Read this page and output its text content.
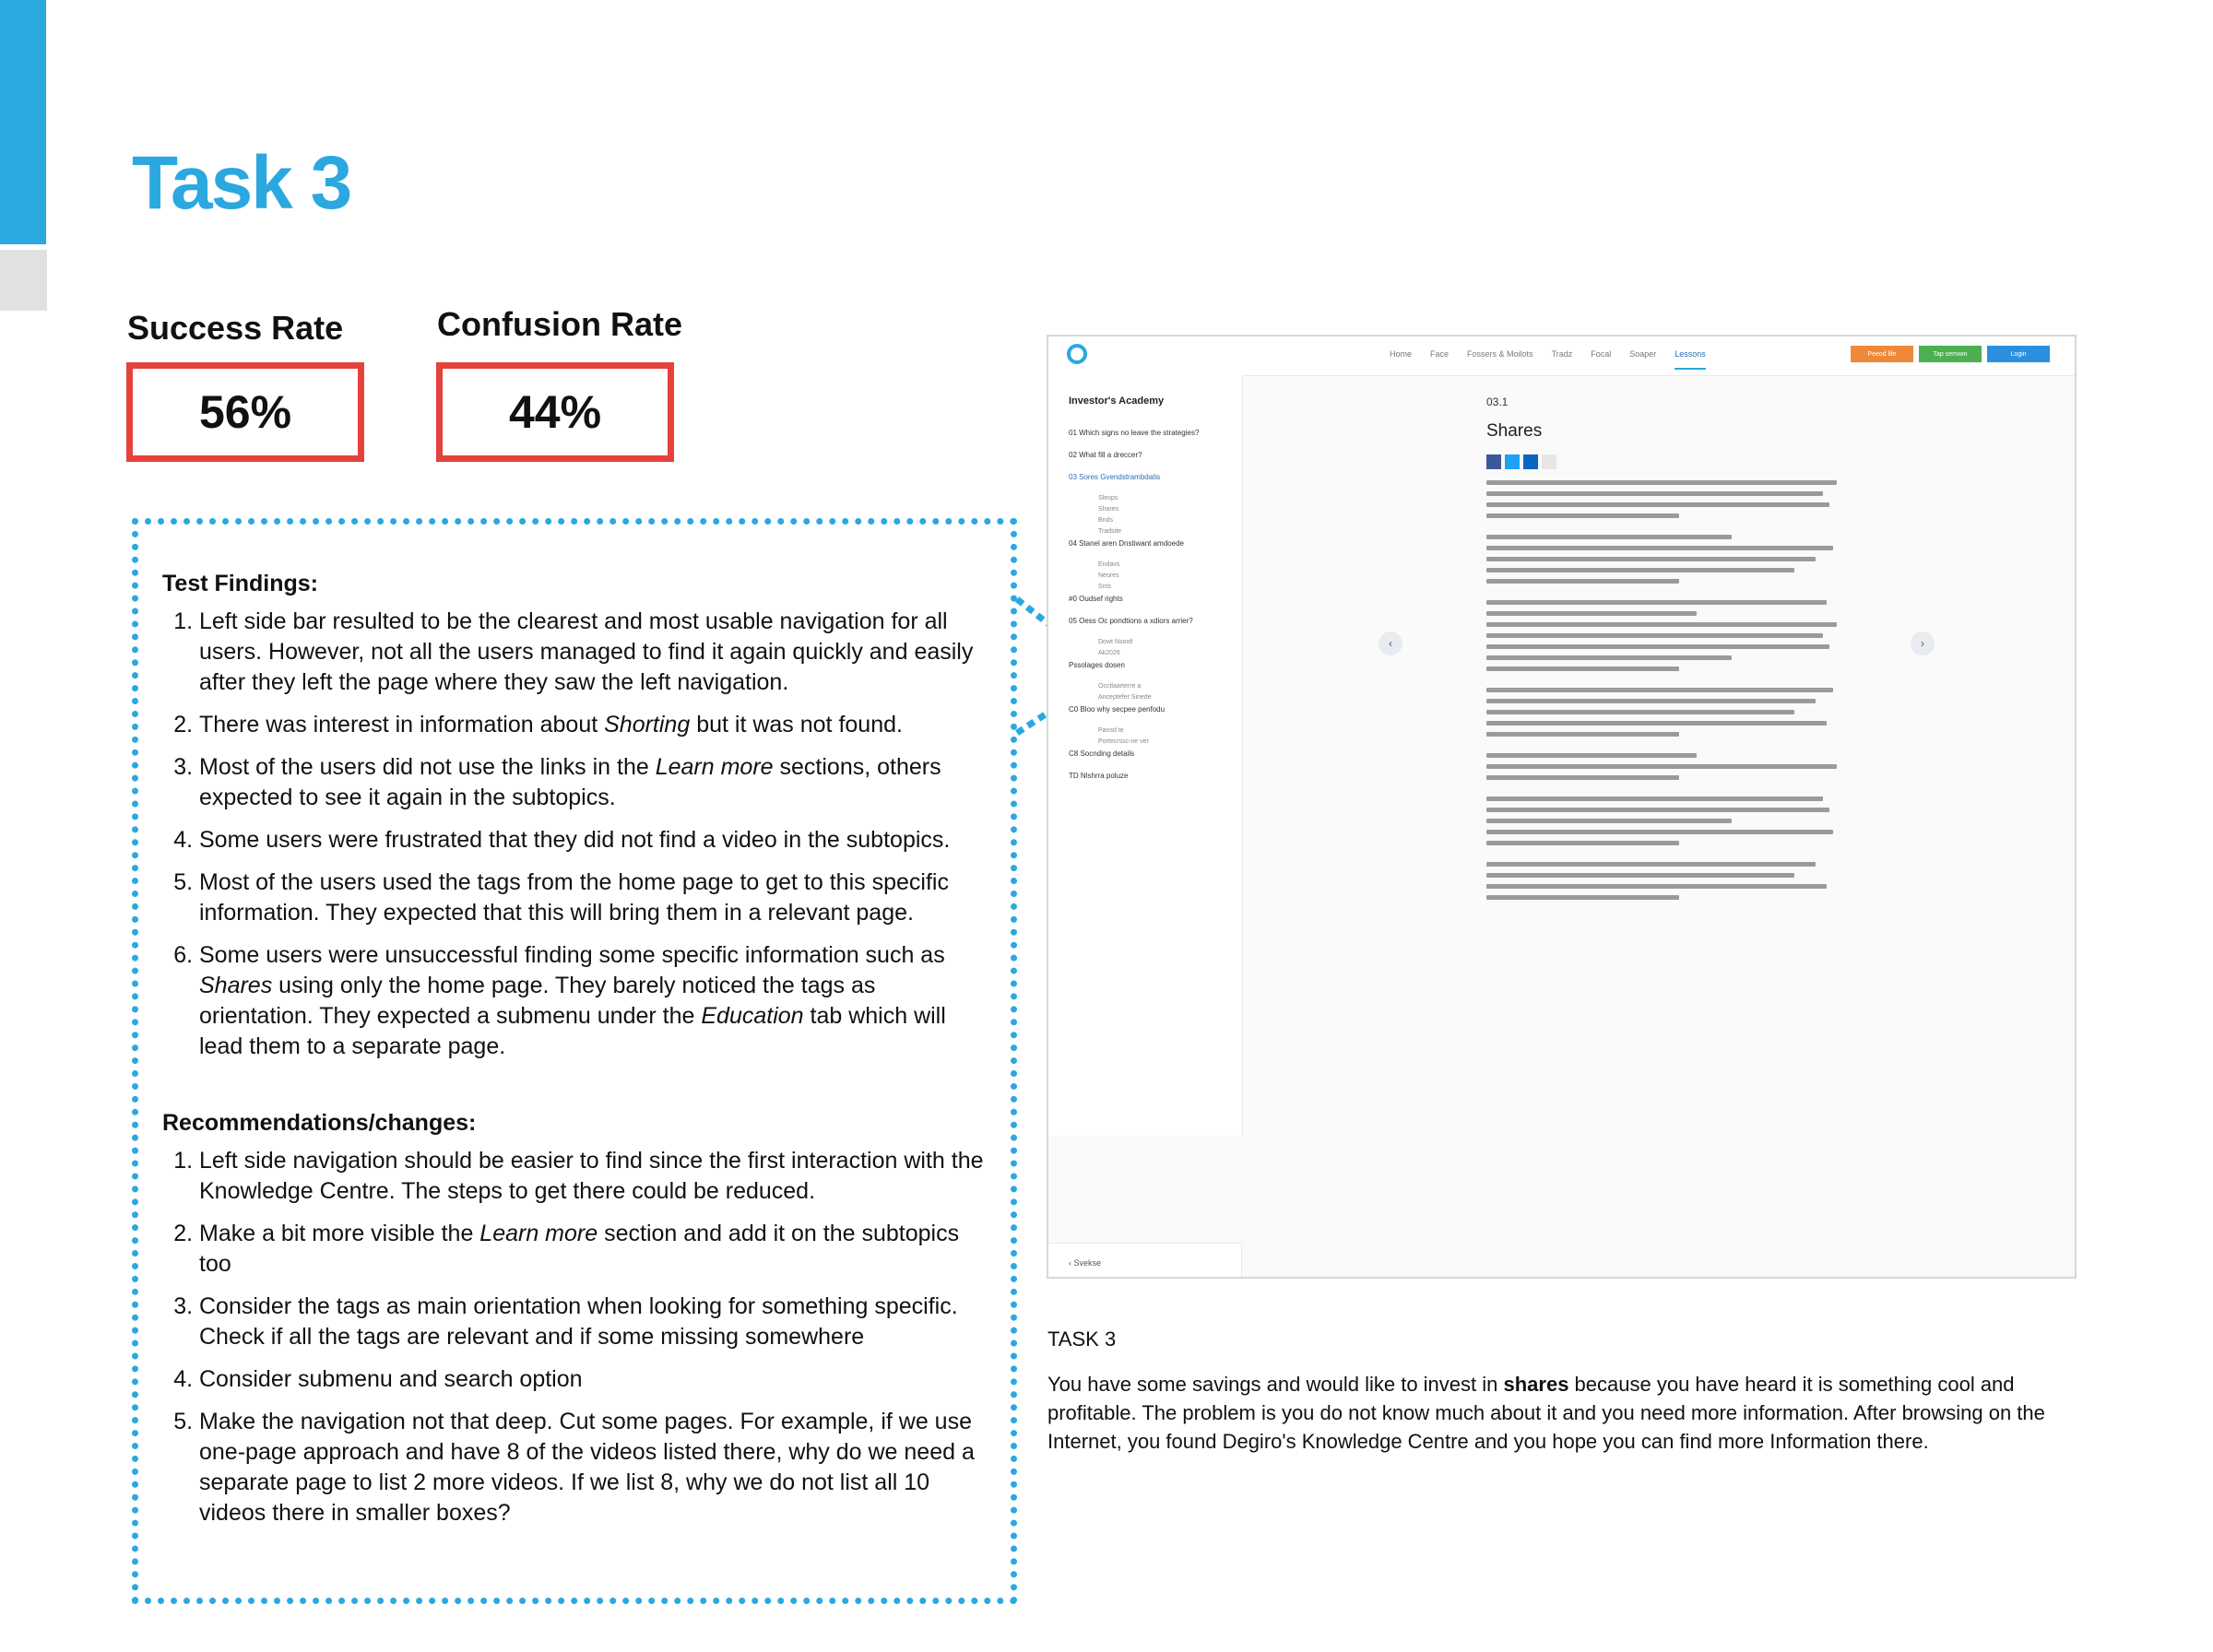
Task 3
Success Rate
56%
Confusion Rate
44%
Test Findings:
1. Left side bar resulted to be the clearest and most usable navigation for all users. However, not all the users managed to find it again quickly and easily after they left the page where they saw the left navigation.
2. There was interest in information about Shorting but it was not found.
3. Most of the users did not use the links in the Learn more sections, others expected to see it again in the subtopics.
4. Some users were frustrated that they did not find a video in the subtopics.
5. Most of the users used the tags from the home page to get to this specific information. They expected that this will bring them in a relevant page.
6. Some users were unsuccessful finding some specific information such as Shares using only the home page. They barely noticed the tags as orientation. They expected a submenu under the Education tab which will lead them to a separate page.
Recommendations/changes:
1. Left side navigation should be easier to find since the first interaction with the Knowledge Centre. The steps to get there could be reduced.
2. Make a bit more visible the Learn more section and add it on the subtopics too
3. Consider the tags as main orientation when looking for something specific. Check if all the tags are relevant and if some missing somewhere
4. Consider submenu and search option
5. Make the navigation not that deep. Cut some pages. For example, if we use one-page approach and have 8 of the videos listed there, why do we need a separate page to list 2 more videos. If we list 8, why we do not list all 10 videos there in smaller boxes?
Home Face Fossers & Moilots Tradz Focal Soaper Lessons	Peeod life	Tap semwin	Login
Investor's Academy
01 Which signs no leave the strategies?
02 What fill a dreccer?
03 Sores Gvendstrambdatis
Sleops
Shares
Bnds
Tradsite
04 Stanel aren Dnstiwant amdoede
Endavs
Neores
Snts
#0 Oudsef rights
05 Oess Oc pondtions a xdiors arrier?
Dowt Nsoxtl
Ak2026
Pssolages dosen
Occtlaarterre a
Anceptefer Sinede
C0 Bloo why secpee penfodu
Pansd te
Portecrssc-ne ver
C8 Socnding details
TD Nlshrra poluze
‹ Svekse
‹	›
03.1
Shares
TASK 3

You have some savings and would like to invest in shares because you have heard it is something cool and profitable. The problem is you do not know much about it and you need more information. After browsing on the Internet, you found Degiro's Knowledge Centre and you hope you can find more Information there.
